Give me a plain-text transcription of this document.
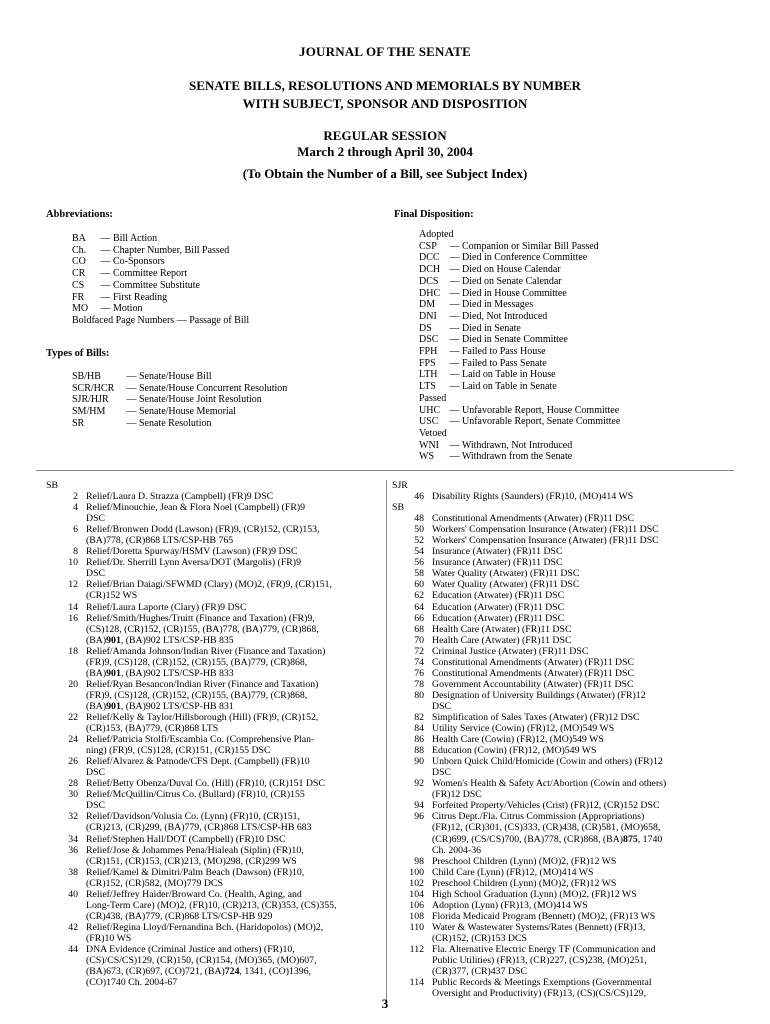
JOURNAL OF THE SENATE
SENATE BILLS, RESOLUTIONS AND MEMORIALS BY NUMBER
WITH SUBJECT, SPONSOR AND DISPOSITION
REGULAR SESSION
March 2 through April 30, 2004
(To Obtain the Number of a Bill, see Subject Index)
Abbreviations:
BA	— Bill Action
Ch.	— Chapter Number, Bill Passed
CO	— Co-Sponsors
CR	— Committee Report
CS	— Committee Substitute
FR	— First Reading
MO — Motion
Boldfaced Page Numbers — Passage of Bill
Types of Bills:
SB/HB	— Senate/House Bill
SCR/HCR — Senate/House Concurrent Resolution
SJR/HJR	— Senate/House Joint Resolution
SM/HM	— Senate/House Memorial
SR	— Senate Resolution
Final Disposition:
Adopted
CSP	— Companion or Similar Bill Passed
DCC — Died in Conference Committee
DCH — Died on House Calendar
DCS — Died on Senate Calendar
DHC — Died in House Committee
DM	— Died in Messages
DNI	— Died, Not Introduced
DS	— Died in Senate
DSC — Died in Senate Committee
FPH — Failed to Pass House
FPS	— Failed to Pass Senate
LTH — Laid on Table in House
LTS	— Laid on Table in Senate
Passed
UHC — Unfavorable Report, House Committee
USC — Unfavorable Report, Senate Committee
Vetoed
WNI — Withdrawn, Not Introduced
WS	— Withdrawn from the Senate
SB
2 Relief/Laura D. Strazza (Campbell) (FR)9 DSC
4 Relief/Minouchie, Jean & Flora Noel (Campbell) (FR)9
DSC
6 Relief/Bronwen Dodd (Lawson) (FR)9, (CR)152, (CR)153,
(BA)778, (CR)868 LTS/CSP-HB 765
8 Relief/Doretta Spurway/HSMV (Lawson) (FR)9 DSC
10 Relief/Dr. Sherrill Lynn Aversa/DOT (Margolis) (FR)9
DSC
12 Relief/Brian Daiagi/SFWMD (Clary) (MO)2, (FR)9, (CR)151,
(CR)152 WS
14 Relief/Laura Laporte (Clary) (FR)9 DSC
16 Relief/Smith/Hughes/Truitt (Finance and Taxation) (FR)9,
(CS)128, (CR)152, (CR)155, (BA)778, (BA)779, (CR)868,
(BA)901, (BA)902 LTS/CSP-HB 835
18 Relief/Amanda Johnson/Indian River (Finance and Taxation)
(FR)9, (CS)128, (CR)152, (CR)155, (BA)779, (CR)868,
(BA)901, (BA)902 LTS/CSP-HB 833
20 Relief/Ryan Besancon/Indian River (Finance and Taxation)
(FR)9, (CS)128, (CR)152, (CR)155, (BA)779, (CR)868,
(BA)901, (BA)902 LTS/CSP-HB 831
22 Relief/Kelly & Taylor/Hillsborough (Hill) (FR)9, (CR)152,
(CR)153, (BA)779, (CR)868 LTS
24 Relief/Patricia Stolfi/Escambia Co. (Comprehensive Plan-
ning) (FR)9, (CS)128, (CR)151, (CR)155 DSC
26 Relief/Alvarez & Patnode/CFS Dept. (Campbell) (FR)10
DSC
28 Relief/Betty Obenza/Duval Co. (Hill) (FR)10, (CR)151 DSC
30 Relief/McQuillin/Citrus Co. (Bullard) (FR)10, (CR)155
DSC
32 Relief/Davidson/Volusia Co. (Lynn) (FR)10, (CR)151,
(CR)213, (CR)299, (BA)779, (CR)868 LTS/CSP-HB 683
34 Relief/Stephen Hall/DOT (Campbell) (FR)10 DSC
36 Relief/Jose & Johammes Pena/Hialeah (Siplin) (FR)10,
(CR)151, (CR)153, (CR)213, (MO)298, (CR)299 WS
38 Relief/Kamel & Dimitri/Palm Beach (Dawson) (FR)10,
(CR)152, (CR)582, (MO)779 DCS
40 Relief/Jeffrey Haider/Broward Co. (Health, Aging, and
Long-Term Care) (MO)2, (FR)10, (CR)213, (CR)353, (CS)355,
(CR)438, (BA)779, (CR)868 LTS/CSP-HB 929
42 Relief/Regina Lloyd/Fernandina Bch. (Haridopolos) (MO)2,
(FR)10 WS
44 DNA Evidence (Criminal Justice and others) (FR)10,
(CS)/CS/CS)129, (CR)150, (CR)154, (MO)365, (MO)607,
(BA)673, (CR)697, (CO)721, (BA)724, 1341, (CO)1396,
(CO)1740 Ch. 2004-67
SJR
46 Disability Rights (Saunders) (FR)10, (MO)414 WS
SB
48 Constitutional Amendments (Atwater) (FR)11 DSC
50 Workers' Compensation Insurance (Atwater) (FR)11 DSC
52 Workers' Compensation Insurance (Atwater) (FR)11 DSC
54 Insurance (Atwater) (FR)11 DSC
56 Insurance (Atwater) (FR)11 DSC
58 Water Quality (Atwater) (FR)11 DSC
60 Water Quality (Atwater) (FR)11 DSC
62 Education (Atwater) (FR)11 DSC
64 Education (Atwater) (FR)11 DSC
66 Education (Atwater) (FR)11 DSC
68 Health Care (Atwater) (FR)11 DSC
70 Health Care (Atwater) (FR)11 DSC
72 Criminal Justice (Atwater) (FR)11 DSC
74 Constitutional Amendments (Atwater) (FR)11 DSC
76 Constitutional Amendments (Atwater) (FR)11 DSC
78 Government Accountability (Atwater) (FR)11 DSC
80 Designation of University Buildings (Atwater) (FR)12
DSC
82 Simplification of Sales Taxes (Atwater) (FR)12 DSC
84 Utility Service (Cowin) (FR)12, (MO)549 WS
86 Health Care (Cowin) (FR)12, (MO)549 WS
88 Education (Cowin) (FR)12, (MO)549 WS
90 Unborn Quick Child/Homicide (Cowin and others) (FR)12
DSC
92 Women's Health & Safety Act/Abortion (Cowin and others)
(FR)12 DSC
94 Forfeited Property/Vehicles (Crist) (FR)12, (CR)152 DSC
96 Citrus Dept./Fla. Citrus Commission (Appropriations)
(FR)12, (CR)301, (CS)333, (CR)438, (CR)581, (MO)658,
(CR)699, (CS/CS)700, (BA)778, (CR)868, (BA)875, 1740
Ch. 2004-36
98 Preschool Children (Lynn) (MO)2, (FR)12 WS
100 Child Care (Lynn) (FR)12, (MO)414 WS
102 Preschool Children (Lynn) (MO)2, (FR)12 WS
104 High School Graduation (Lynn) (MO)2, (FR)12 WS
106 Adoption (Lynn) (FR)13, (MO)414 WS
108 Florida Medicaid Program (Bennett) (MO)2, (FR)13 WS
110 Water & Wastewater Systems/Rates (Bennett) (FR)13,
(CR)152, (CR)153 DCS
112 Fla. Alternative Electric Energy TF (Communication and
Public Utilities) (FR)13, (CR)227, (CS)238, (MO)251,
(CR)377, (CR)437 DSC
114 Public Records & Meetings Exemptions (Governmental
Oversight and Productivity) (FR)13, (CS)(CS/CS)129,
3
